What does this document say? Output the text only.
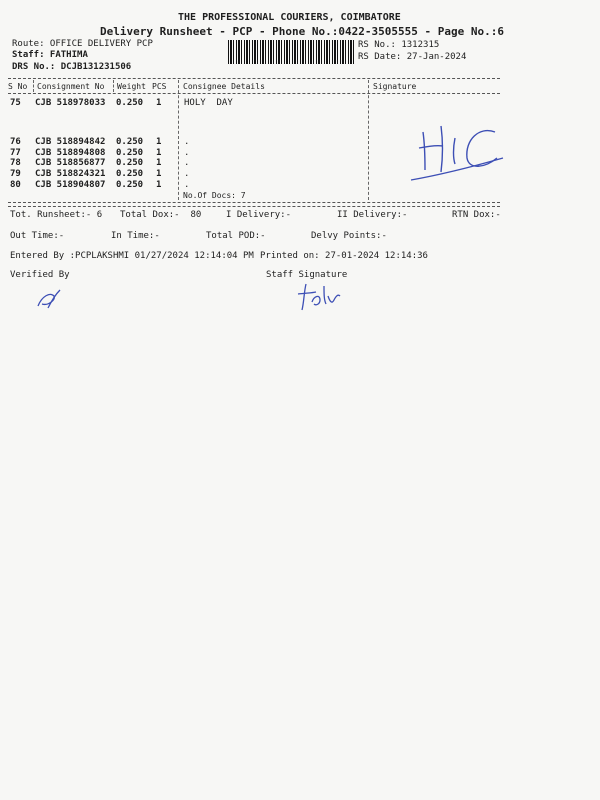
THE PROFESSIONAL COURIERS, COIMBATORE
Delivery Runsheet - PCP - Phone No.:0422-3505555 - Page No.:6
Route: OFFICE DELIVERY PCP
Staff: FATHIMA
DRS No.: DCJB131231506
RS No.: 1312315
RS Date: 27-Jan-2024
S No Consignment No Weight PCS Consignee Details	Signature
75 CJB 518978033 0.250 1	HOLY  DAY
76 CJB 518894842 0.250 1	.
77 CJB 518894808 0.250 1	.
78 CJB 518856877 0.250 1	.
79 CJB 518824321 0.250 1	.
80 CJB 518904807 0.250 1	.
No.Of Docs: 7
Tot. Runsheet:- 6 Total Dox:-  80	I Delivery:-	II Delivery:-	RTN Dox:-
Out Time:-	In Time:-	Total POD:-	Delvy Points:-
Entered By :PCPLAKSHMI 01/27/2024 12:14:04 PM Printed on: 27-01-2024 12:14:36
Verified By	Staff Signature
